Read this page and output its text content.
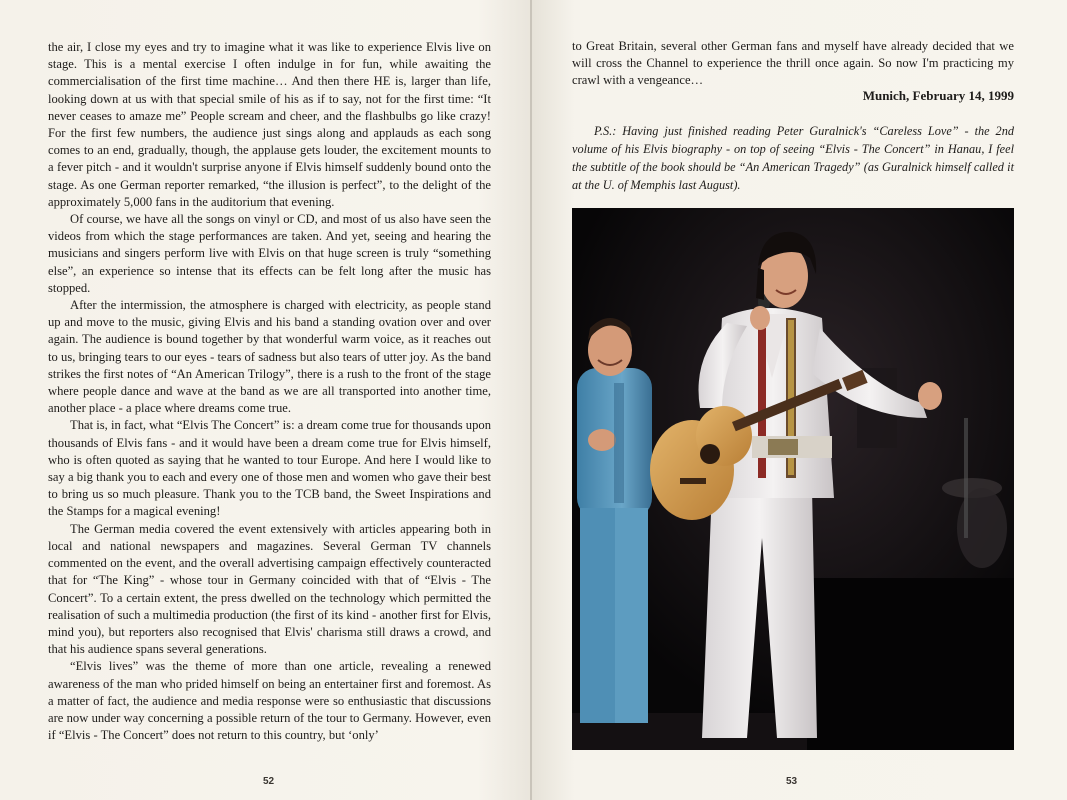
the air, I close my eyes and try to imagine what it was like to experience Elvis live on stage. This is a mental exercise I often indulge in for fun, while awaiting the commercialisation of the first time machine… And then there HE is, larger than life, looking down at us with that special smile of his as if to say, not for the first time: “It never ceases to amaze me” People scream and cheer, and the flashbulbs go like crazy! For the first few numbers, the audience just sings along and applauds as each song comes to an end, gradually, though, the applause gets louder, the excitement mounts to a fever pitch - and it wouldn't surprise anyone if Elvis himself suddenly bound onto the stage. As one German reporter remarked, “the illusion is perfect”, to the delight of the approximately 5,000 fans in the auditorium that evening.

Of course, we have all the songs on vinyl or CD, and most of us also have seen the videos from which the stage performances are taken. And yet, seeing and hearing the musicians and singers perform live with Elvis on that huge screen is truly “something else”, an experience so intense that its effects can be felt long after the music has stopped.

After the intermission, the atmosphere is charged with electricity, as people stand up and move to the music, giving Elvis and his band a standing ovation over and over again. The audience is bound together by that wonderful warm voice, as it reaches out to us, bringing tears to our eyes - tears of sadness but also tears of utter joy. As the band strikes the first notes of “An American Trilogy”, there is a rush to the front of the stage where people dance and wave at the band as we are all transported into another time, another place - a place where dreams come true.

That is, in fact, what “Elvis The Concert” is: a dream come true for thousands upon thousands of Elvis fans - and it would have been a dream come true for Elvis himself, who is often quoted as saying that he wanted to tour Europe. And here I would like to say a big thank you to each and every one of those men and women who gave their best to bring us so much pleasure. Thank you to the TCB band, the Sweet Inspirations and the Stamps for a magical evening!

The German media covered the event extensively with articles appearing both in local and national newspapers and magazines. Several German TV channels commented on the event, and the overall advertising campaign effectively counteracted that for “The King” - whose tour in Germany coincided with that of “Elvis - The Concert”. To a certain extent, the press dwelled on the technology which permitted the realisation of such a multimedia production (the first of its kind - another first for Elvis, mind you), but reporters also recognised that Elvis' charisma still draws a crowd, and that his audience spans several generations.

“Elvis lives” was the theme of more than one article, revealing a renewed awareness of the man who prided himself on being an entertainer first and foremost. As a matter of fact, the audience and media response were so enthusiastic that discussions are now under way concerning a possible return of the tour to Germany. However, even if “Elvis - The Concert” does not return to this country, but ‘only’

52	53

to Great Britain, several other German fans and myself have already decided that we will cross the Channel to experience the thrill once again. So now I'm practicing my crawl with a vengeance…

Munich, February 14, 1999

P.S.: Having just finished reading Peter Guralnick's “Careless Love” - the 2nd volume of his Elvis biography - on top of seeing “Elvis - The Concert” in Hanau, I feel the subtitle of the book should be “An American Tragedy” (as Guralnick himself called it at the U. of Memphis last August).
